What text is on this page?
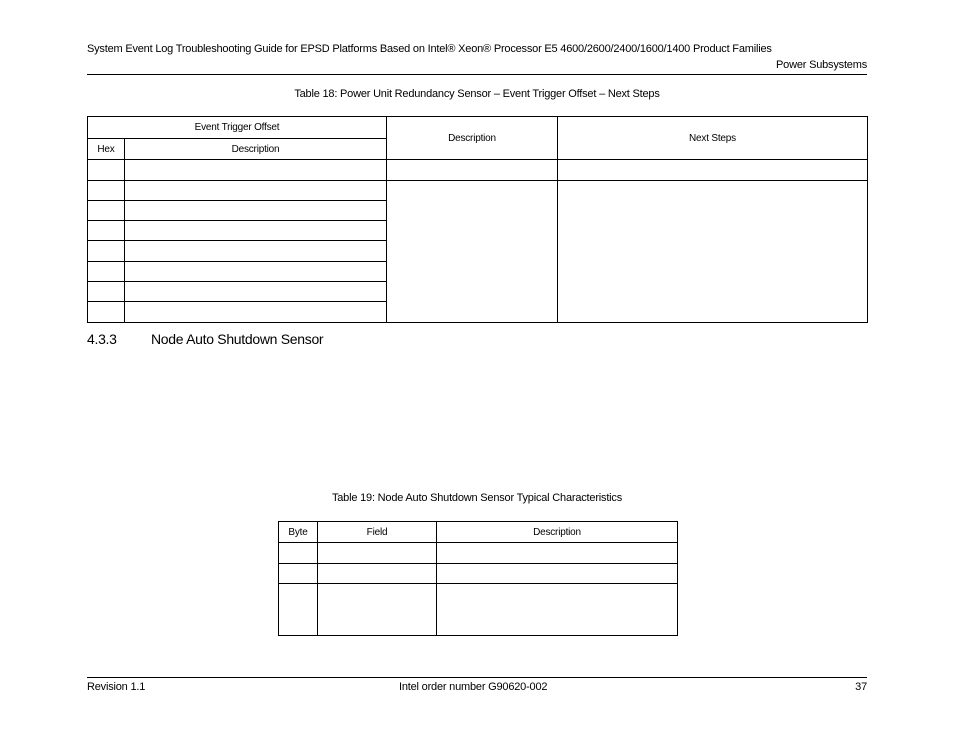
System Event Log Troubleshooting Guide for EPSD Platforms Based on Intel® Xeon® Processor E5 4600/2600/2400/1600/1400 Product Families
Power Subsystems
Table 18: Power Unit Redundancy Sensor – Event Trigger Offset – Next Steps
Event Trigger Offset		Description	Next Steps
Hex	Description		

4.3.3 Node Auto Shutdown Sensor
Table 19: Node Auto Shutdown Sensor Typical Characteristics
Byte	Field	Description

Revision 1.1	Intel order number G90620-002	37
